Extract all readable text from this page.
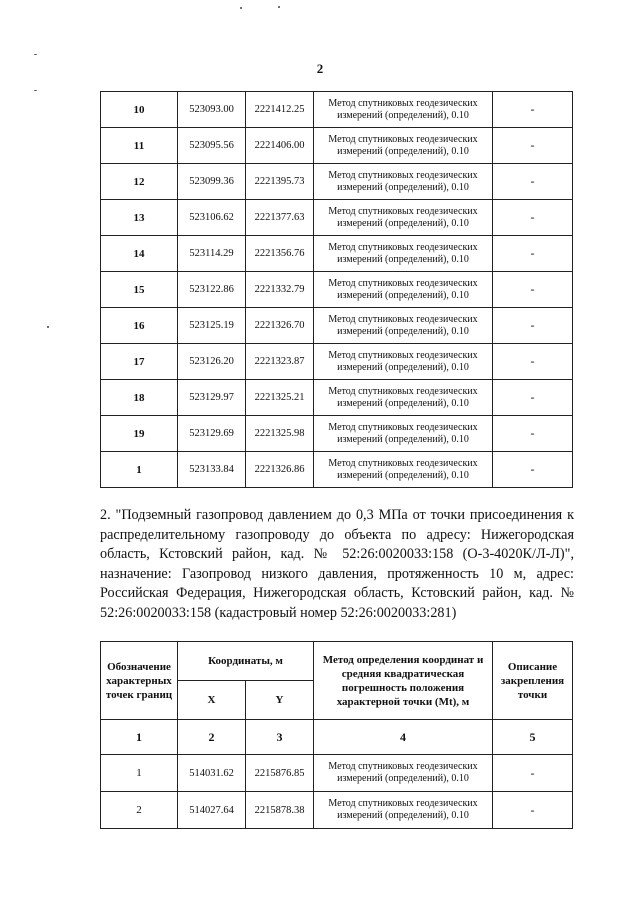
2
10	523093.00	2221412.25	Метод спутниковых геодезических измерений (определений), 0.10	-
11	523095.56	2221406.00	Метод спутниковых геодезических измерений (определений), 0.10	-
12	523099.36	2221395.73	Метод спутниковых геодезических измерений (определений), 0.10	-
13	523106.62	2221377.63	Метод спутниковых геодезических измерений (определений), 0.10	-
14	523114.29	2221356.76	Метод спутниковых геодезических измерений (определений), 0.10	-
15	523122.86	2221332.79	Метод спутниковых геодезических измерений (определений), 0.10	-
16	523125.19	2221326.70	Метод спутниковых геодезических измерений (определений), 0.10	-
17	523126.20	2221323.87	Метод спутниковых геодезических измерений (определений), 0.10	-
18	523129.97	2221325.21	Метод спутниковых геодезических измерений (определений), 0.10	-
19	523129.69	2221325.98	Метод спутниковых геодезических измерений (определений), 0.10	-
1	523133.84	2221326.86	Метод спутниковых геодезических измерений (определений), 0.10	-
2. "Подземный газопровод давлением до 0,3 МПа от точки присоединения к распределительному газопроводу до объекта по адресу: Нижегородская область, Кстовский район, кад. № 52:26:0020033:158 (О-3-4020К/Л-Л)", назначение: Газопровод низкого давления, протяженность 10 м, адрес: Российская Федерация, Нижегородская область, Кстовский район, кад. № 52:26:0020033:158 (кадастровый номер 52:26:0020033:281)
Обозначение характерных точек границ	Координаты, м		Метод определения координат и средняя квадратическая погрешность положения характерной точки (Mt), м	Описание закрепления точки
	X	Y		
1	2	3	4	5
1	514031.62	2215876.85	Метод спутниковых геодезических измерений (определений), 0.10	-
2	514027.64	2215878.38	Метод спутниковых геодезических измерений (определений), 0.10	-
